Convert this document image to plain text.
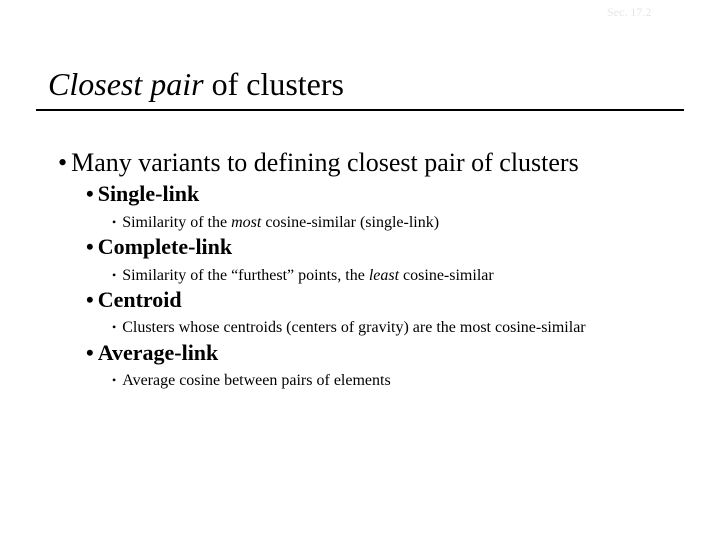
Sec. 17.2
Closest pair of clusters
• Many variants to defining closest pair of clusters
• Single-link
• Similarity of the most cosine-similar (single-link)
• Complete-link
• Similarity of the “furthest” points, the least cosine-similar
• Centroid
• Clusters whose centroids (centers of gravity) are the most cosine-similar
• Average-link
• Average cosine between pairs of elements
